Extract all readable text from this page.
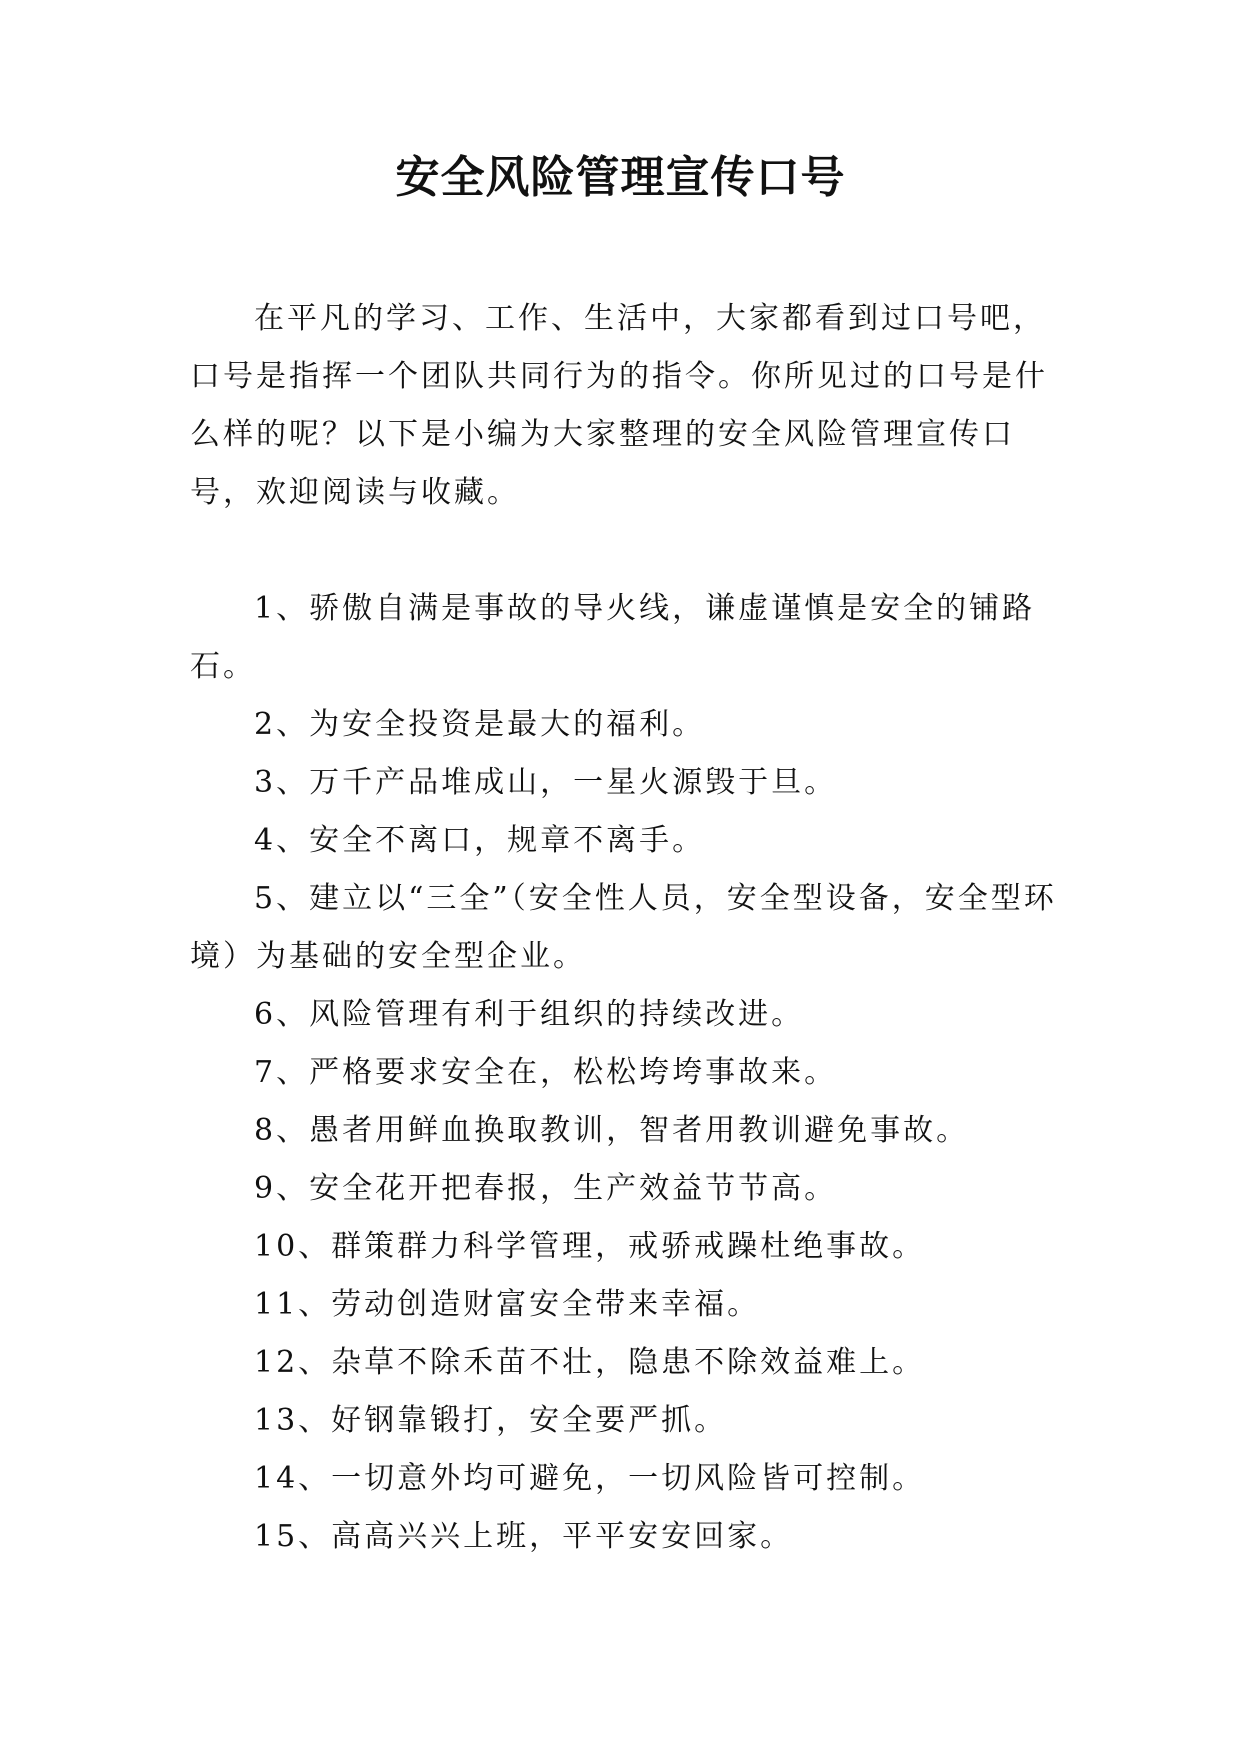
安全风险管理宣传口号

在平凡的学习、工作、生活中，大家都看到过口号吧，口号是指挥一个团队共同行为的指令。你所见过的口号是什么样的呢？以下是小编为大家整理的安全风险管理宣传口号，欢迎阅读与收藏。

1、骄傲自满是事故的导火线，谦虚谨慎是安全的铺路石。

2、为安全投资是最大的福利。

3、万千产品堆成山，一星火源毁于旦。

4、安全不离口，规章不离手。

5、建立以“三全”（安全性人员，安全型设备，安全型环境）为基础的安全型企业。

6、风险管理有利于组织的持续改进。

7、严格要求安全在，松松垮垮事故来。

8、愚者用鲜血换取教训，智者用教训避免事故。

9、安全花开把春报，生产效益节节高。

10、群策群力科学管理，戒骄戒躁杜绝事故。

11、劳动创造财富安全带来幸福。

12、杂草不除禾苗不壮，隐患不除效益难上。

13、好钢靠锻打，安全要严抓。

14、一切意外均可避免，一切风险皆可控制。

15、高高兴兴上班，平平安安回家。
